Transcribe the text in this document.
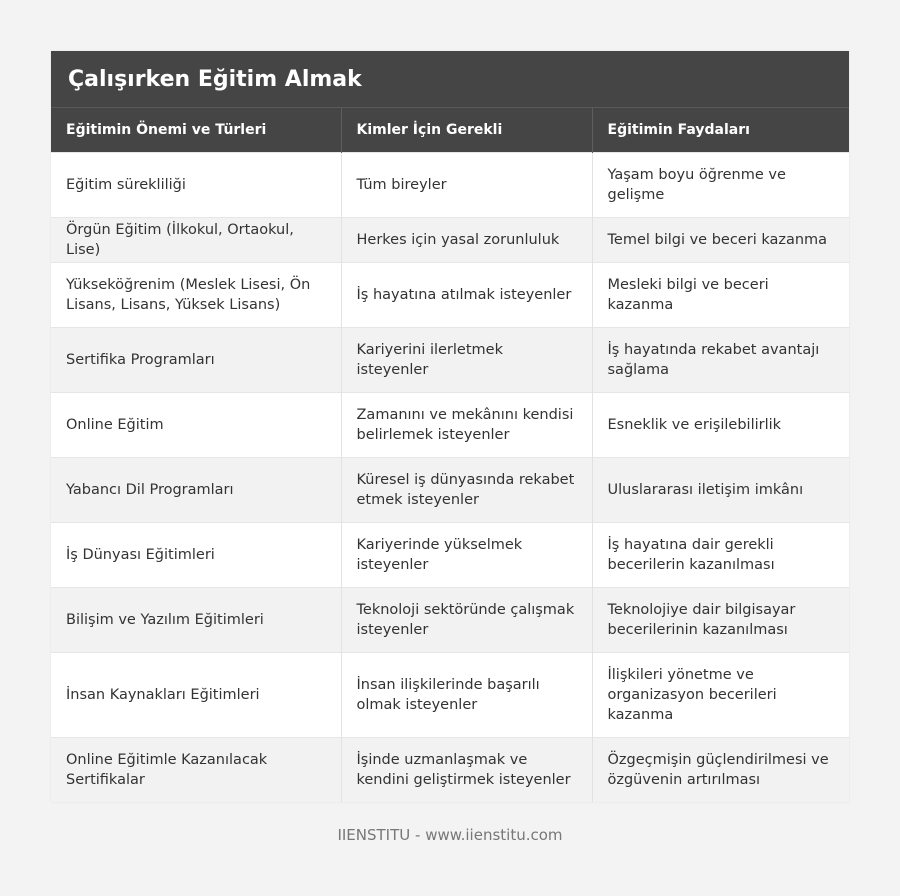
Çalışırken Eğitim Almak
Eğitimin Önemi ve Türleri	Kimler İçin Gerekli	Eğitimin Faydaları
Eğitim sürekliliği	Tüm bireyler	Yaşam boyu öğrenme ve gelişme
Örgün Eğitim (İlkokul, Ortaokul, Lise)	Herkes için yasal zorunluluk	Temel bilgi ve beceri kazanma
Yükseköğrenim (Meslek Lisesi, Ön Lisans, Lisans, Yüksek Lisans)	İş hayatına atılmak isteyenler	Mesleki bilgi ve beceri kazanma
Sertifika Programları	Kariyerini ilerletmek isteyenler	İş hayatında rekabet avantajı sağlama
Online Eğitim	Zamanını ve mekânını kendisi belirlemek isteyenler	Esneklik ve erişilebilirlik
Yabancı Dil Programları	Küresel iş dünyasında rekabet etmek isteyenler	Uluslararası iletişim imkânı
İş Dünyası Eğitimleri	Kariyerinde yükselmek isteyenler	İş hayatına dair gerekli becerilerin kazanılması
Bilişim ve Yazılım Eğitimleri	Teknoloji sektöründe çalışmak isteyenler	Teknolojiye dair bilgisayar becerilerinin kazanılması
İnsan Kaynakları Eğitimleri	İnsan ilişkilerinde başarılı olmak isteyenler	İlişkileri yönetme ve organizasyon becerileri kazanma
Online Eğitimle Kazanılacak Sertifikalar	İşinde uzmanlaşmak ve kendini geliştirmek isteyenler	Özgeçmişin güçlendirilmesi ve özgüvenin artırılması
IIENSTITU - www.iienstitu.com
